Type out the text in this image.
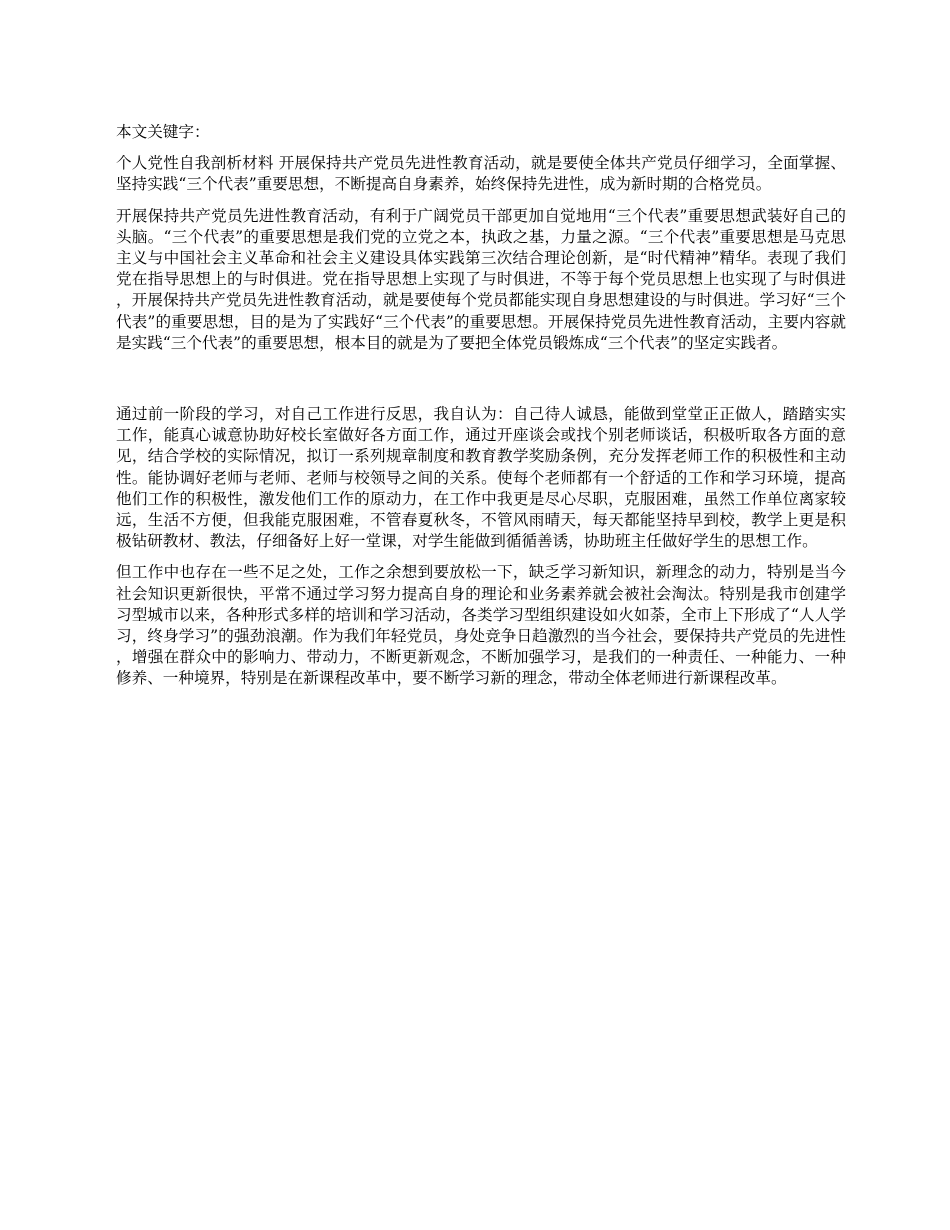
本文关键字：

个人党性自我剖析材料 开展保持共产党员先进性教育活动，就是要使全体共产党员仔细学习，全面掌握、坚持实践“三个代表”重要思想，不断提高自身素养，始终保持先进性，成为新时期的合格党员。

开展保持共产党员先进性教育活动，有利于广阔党员干部更加自觉地用“三个代表”重要思想武装好自己的头脑。“三个代表”的重要思想是我们党的立党之本，执政之基，力量之源。“三个代表”重要思想是马克思主义与中国社会主义革命和社会主义建设具体实践第三次结合理论创新，是“时代精神”精华。表现了我们党在指导思想上的与时俱进。党在指导思想上实现了与时俱进，不等于每个党员思想上也实现了与时俱进，开展保持共产党员先进性教育活动，就是要使每个党员都能实现自身思想建设的与时俱进。学习好“三个代表”的重要思想，目的是为了实践好“三个代表”的重要思想。开展保持党员先进性教育活动，主要内容就是实践“三个代表”的重要思想，根本目的就是为了要把全体党员锻炼成“三个代表”的坚定实践者。

通过前一阶段的学习，对自己工作进行反思，我自认为：自己待人诚恳，能做到堂堂正正做人，踏踏实实工作，能真心诚意协助好校长室做好各方面工作，通过开座谈会或找个别老师谈话，积极听取各方面的意见，结合学校的实际情况，拟订一系列规章制度和教育教学奖励条例，充分发挥老师工作的积极性和主动性。能协调好老师与老师、老师与校领导之间的关系。使每个老师都有一个舒适的工作和学习环境，提高他们工作的积极性，激发他们工作的原动力，在工作中我更是尽心尽职，克服困难，虽然工作单位离家较远，生活不方便，但我能克服困难，不管春夏秋冬，不管风雨晴天，每天都能坚持早到校，教学上更是积极钻研教材、教法，仔细备好上好一堂课，对学生能做到循循善诱，协助班主任做好学生的思想工作。

但工作中也存在一些不足之处，工作之余想到要放松一下，缺乏学习新知识，新理念的动力，特别是当今社会知识更新很快，平常不通过学习努力提高自身的理论和业务素养就会被社会淘汰。特别是我市创建学习型城市以来，各种形式多样的培训和学习活动，各类学习型组织建设如火如荼，全市上下形成了“人人学习，终身学习”的强劲浪潮。作为我们年轻党员，身处竞争日趋激烈的当今社会，要保持共产党员的先进性，增强在群众中的影响力、带动力，不断更新观念，不断加强学习，是我们的一种责任、一种能力、一种修养、一种境界，特别是在新课程改革中，要不断学习新的理念，带动全体老师进行新课程改革。
